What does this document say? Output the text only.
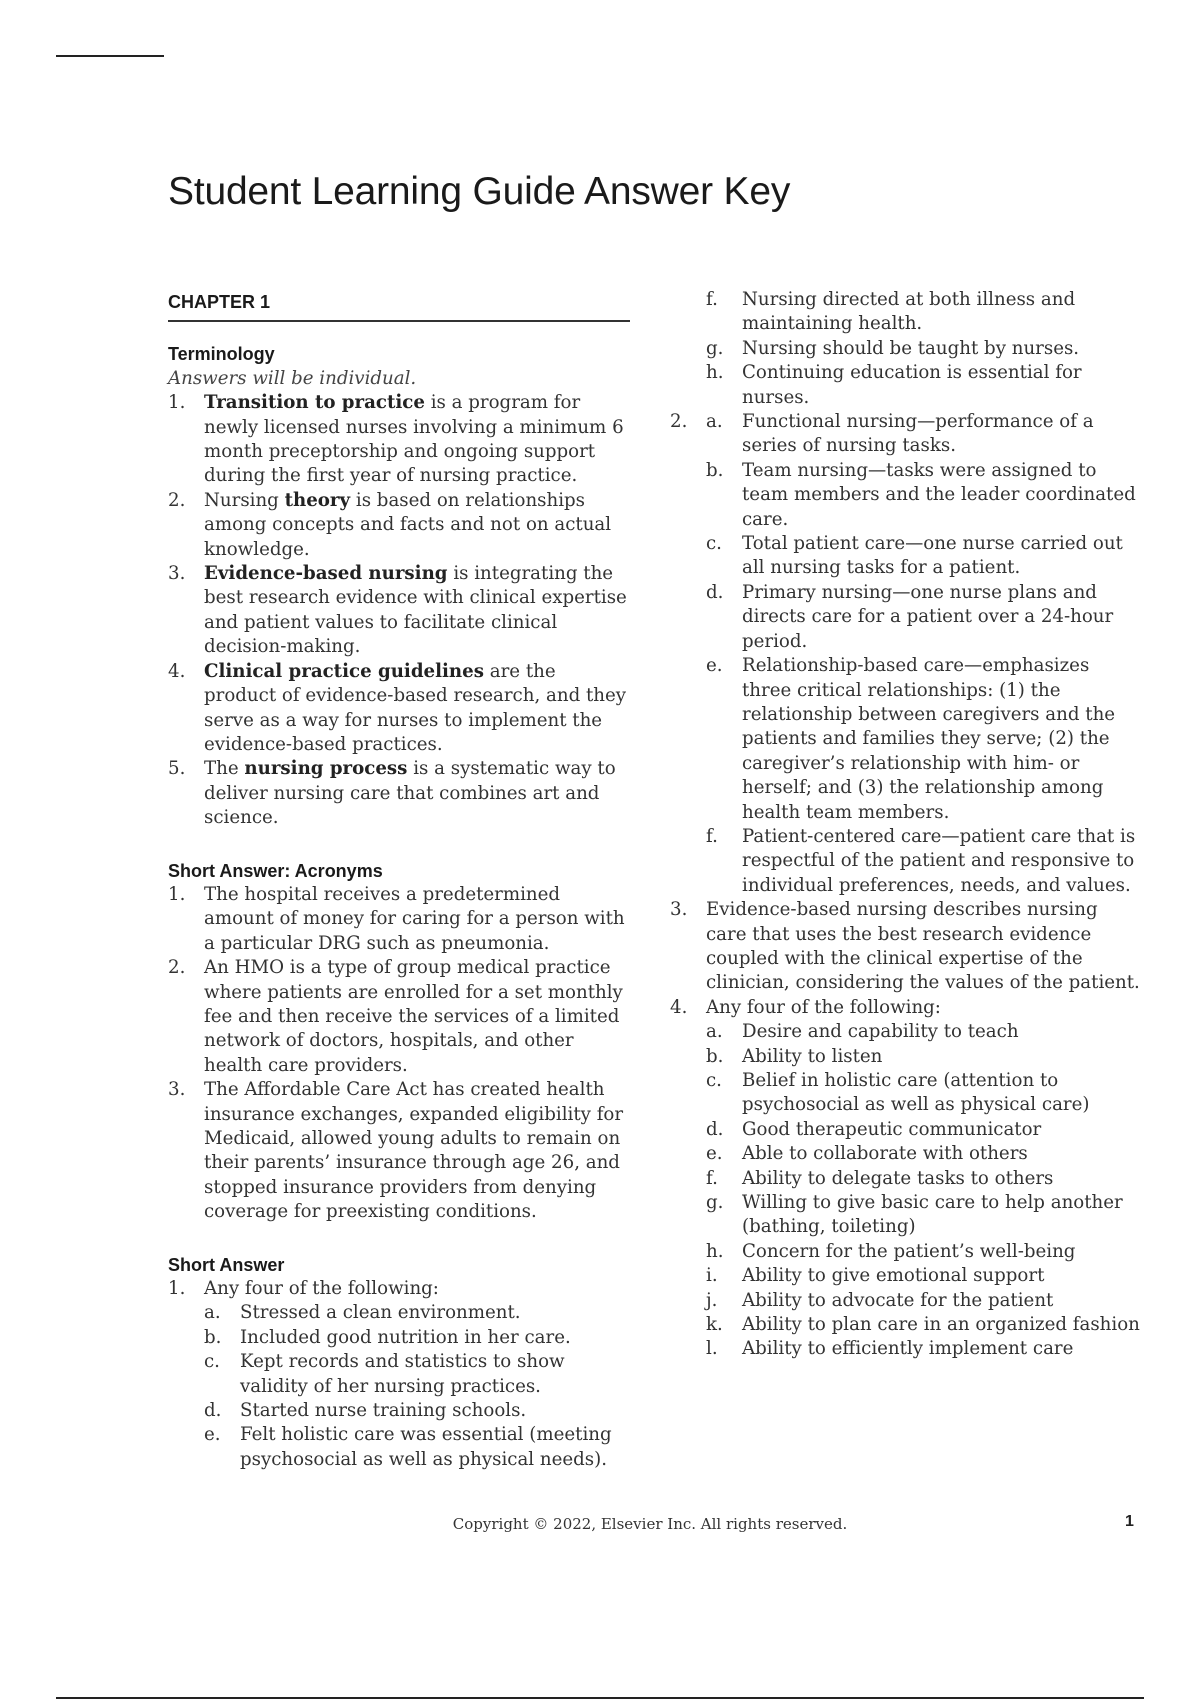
Student Learning Guide Answer Key
CHAPTER 1
Terminology
Answers will be individual.
1.	Transition to practice is a program for newly licensed nurses involving a minimum 6 month preceptorship and ongoing support during the first year of nursing practice.
2.	Nursing theory is based on relationships among concepts and facts and not on actual knowledge.
3.	Evidence-based nursing is integrating the best research evidence with clinical expertise and patient values to facilitate clinical decision-making.
4.	Clinical practice guidelines are the product of evidence-based research, and they serve as a way for nurses to implement the evidence-based practices.
5.	The nursing process is a systematic way to deliver nursing care that combines art and science.
Short Answer: Acronyms
1.	The hospital receives a predetermined amount of money for caring for a person with a particular DRG such as pneumonia.
2.	An HMO is a type of group medical practice where patients are enrolled for a set monthly fee and then receive the services of a limited network of doctors, hospitals, and other health care providers.
3.	The Affordable Care Act has created health insurance exchanges, expanded eligibility for Medicaid, allowed young adults to remain on their parents’ insurance through age 26, and stopped insurance providers from denying coverage for preexisting conditions.
Short Answer
1.	Any four of the following:
a.	Stressed a clean environment.
b.	Included good nutrition in her care.
c.	Kept records and statistics to show validity of her nursing practices.
d.	Started nurse training schools.
e.	Felt holistic care was essential (meeting psychosocial as well as physical needs).
f.	Nursing directed at both illness and maintaining health.
g.	Nursing should be taught by nurses.
h.	Continuing education is essential for nurses.
2.	a.	Functional nursing—performance of a series of nursing tasks.
b.	Team nursing—tasks were assigned to team members and the leader coordinated care.
c.	Total patient care—one nurse carried out all nursing tasks for a patient.
d.	Primary nursing—one nurse plans and directs care for a patient over a 24-hour period.
e.	Relationship-based care—emphasizes three critical relationships: (1) the relationship between caregivers and the patients and families they serve; (2) the caregiver’s relationship with him- or herself; and (3) the relationship among health team members.
f.	Patient-centered care—patient care that is respectful of the patient and responsive to individual preferences, needs, and values.
3.	Evidence-based nursing describes nursing care that uses the best research evidence coupled with the clinical expertise of the clinician, considering the values of the patient.
4.	Any four of the following:
a.	Desire and capability to teach
b.	Ability to listen
c.	Belief in holistic care (attention to psychosocial as well as physical care)
d.	Good therapeutic communicator
e.	Able to collaborate with others
f.	Ability to delegate tasks to others
g.	Willing to give basic care to help another (bathing, toileting)
h.	Concern for the patient’s well-being
i.	Ability to give emotional support
j.	Ability to advocate for the patient
k.	Ability to plan care in an organized fashion
l.	Ability to efficiently implement care
Copyright © 2022, Elsevier Inc. All rights reserved.	1
